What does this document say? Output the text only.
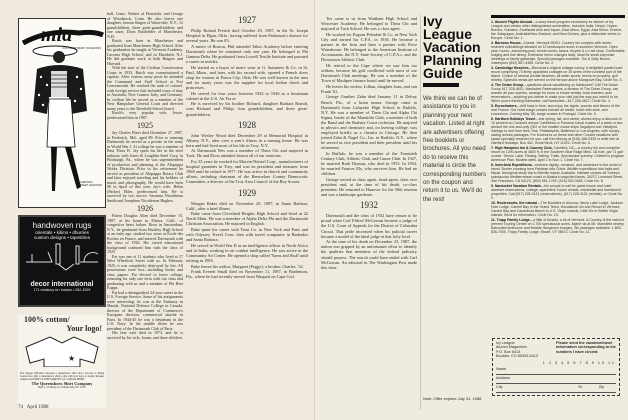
mia
CONTEMPORARY FASHIONS
7 LEBANON STREET HANOVER
handwoven rugs
orientals • kilims • dhurries
custom designs • tapestries
decor international
171 newbury st • boston • 262-1529
100% cotton/
Your logo!
★
The biggest difference between a Queensboro shirt and a Lacoste or Ralph Lauren polo shirt is Queensboro shirts come with your logo or design. Request samples and FREE CLOTH SAMPLES call 1-800-84-SHIRT.
The Queensboro Shirt Company
Dept L, 4 Liberty Ctr, Schenectady, NY 12311
74 April 1988

hall, Conn.; Robert of Honolulu; and George of Woodstock, Conn. He also leaves one daughter, Jenean Slagen of Watervliet, N.Y.; 12 grandchildren, three great-grandchildren; and one sister, Doris Batchelder of Manchester, N.H.

Butch was born in Manchester and graduated from Manchester High School. After his graduation he taught at Vermont Academy, Laconia High School, and in Elizabeth, N.J. He did graduate work at both Rutgers and Harvard.

With the start of the Civilian Conservation Corps in 1933, Butch was commissioned a captain. After various army posts he attended the Command and Staff School at Fort Leavenworth. He reached the rank of colonel, with foreign service that included tours of duty in Australia, New Guinea, Italy, and Germany. In civilian life he served as a member of the New Hampshire General Court and directed many years to the Deerfield School board.

Butch's very popular wife, Jessie, predeceased him in 1987.

1925

Jay Charles Ebert died December 27, 1987, in Frederick, Md., aged 89. Prior to entering Dartmouth he served as a private in the army in World War I. At college he was a member of Beta Theta Pi. Jay spent his life in the steel industry with Jones & Laughlin Steel Corp. in Pittsburgh, Pa., where he was superintendent of production and planning at the Aliquippa Works Division. Prior to his retirement he served as president of Aliquippa Rotary Club and later enjoyed traveling and his hobbies of music and photography. He would have been 90 in April of this year. Jay's wife, Helen (Parker) Ebler, predeceased him. He is survived by two nieces: Savanna Nicodemus Smith and Josephine Nicodemus Hughes.

1926

Patten Douglas Allen died December 15, 1987, at his home in Elmira, Calif., of congestive heart failure. Born in Amsterdam, N.Y., he graduated from Hackley High School at an early age, studied two years at École des Roches en France, and entered Dartmouth with the class of 1926. His varied educational background confused him with the class of 1925.

Pat was one of 11 students who lived at 17 West Wheelock Street with us. In February 1925, it was completely destroyed by fire. All possessions were lost—including books and class papers. Pat elected to leave college, returning for only one term with our class and graduating with us and a member of Phi Beta Kappa.

Pat had a distinguished 24-year career in the U.S. Foreign Service. Some of his assignments were interesting: he was at the Embassy in Manila, National Defense College in Canada, director of the Department of Commerce's European division, commercial attaché in Paris. In 1944-45 he was a lieutenant in the U.S. Navy. In the middle fifties he was president of the Dartmouth Club of Paris.

His first wife died in 1973, and he is survived by his wife, Joann, and three children.

1927

Philip Roland French died October 29, 1987, in the St. Joseph Hospital in Elgin, Okla., having suffered from Parkinson's disease for several years. He was 83.

A native of Boston, Phil attended Tabor Academy before entering Dartmouth where he remained only one year. He belonged to Phi Gamma Delta. He graduated from Lowell Textile Institute and pursued a career in textiles.

He started as a buyer of men's wear at G. Summers & Co. in St. Paul, Minn., and later, with his second wife, opened a French dress shop for women in Ponca City, Okla. He was well known in the area and for many years was the supplier for local Indian chiefs and princesses.

He served for four years between 1942 to 1946 as a lieutenant colonel in the U.S. Air Force.

He is survived by his brother Richard, daughter Barbara Brandt, sons Richard and Philip, four grandchildren, and three great-grandchildren.

1928

John Wesley Wood died December 29 at Memorial Hospital in Albany, N.Y., after over a year's illness in a nursing home. He was born and had lived most of his life in Troy, N.Y.

At Dartmouth Wes was a member of Theta Chi and majored in Tuck. He and Doris attended almost all of our reunions.

For 35 years he worked for Marvin-Neitzel Corp., manufacturers of hospital garments in Troy, and was its president and treasurer from 1968 until he retired in 1977. He was active in church and community affairs, including chairman of the Rensselaer County Democratic Committee, a director of the Troy Area Council of the Boy Scouts.

1929

Morgan Baker died on November 20, 1987, in Santa Barbara, Calif., after a brief illness.

Bake came from Cleveland Heights High School and lived at 22 North Main. He was a member of Alpha Delta Phi and the Dartmouth Christian Association. He majored in English.

Bake spent his career with Trust Co. in New York and Paris and with Odyssey Travel Cons. then with travel companies in Barbados and Santa Barbara.

He served in World War II as an intelligence officer in North Africa and in India, working in air combat intelligence. He was active in the Community Art Center. He opened a shop called 'Yarns and Stuff' until retiring in 1985.

Bake leaves his widow, Margaret (Peggy); a brother, Charles, '32.

Frank Everett Small died on November 11, 1987, in Bradenton, Fla., where he had recently moved from Waquoit on Cape Cod.

Tex came to us from Waltham High School and Worcester Academy. He belonged to Theta Chi and majored at Tuck School. He was a class agent.

He worked for Pogson Peloubet & Co. in New York City and earned his C.P.A. in 1936. He became a partner in the firm and later a partner with Price Waterhouse. He belonged to the American Institute of Accountants, the N.Y. State Society of C.P.A.s, and the Downtown Athletic Club.

He retired to the Cape where we saw him too seldom, because his golf conflicted with most of our Dartmouth Club meetings. He was a member of the Town of Mashpee finance board until he moved.

He leaves his widow, Lillian, daughter Joan, and son Frank '61.

George Gunther Zahn died January 11 in Delray Beach, Fla., of a brain tumor. George came to Dartmouth from Lafayette High School in Buffalo, N.Y. He was a member of Theta Chi and Alpha Chi Sigma, leader of the Mandolin Club, a member of both the Band and the Barbary Coast orchestra. He majored in physics and chemistry and, on leaving college, was employed briefly as a chemist in Chicago. He then joined Zahn & Nagel Co., Inc. in Buffalo, N.Y., where he served as vice president and then president until his retirement.

In Buffalo, he was a member of the Twentieth Century Club, Athletic Club, and Canoe Club. In 1927, he married Ruth Thomas, who died in 1953. In 1954, he married Frances Ely, who survives him. He had no children.

George served as class agent, head agent, class vice president and, at the time of his death, co-class president. He returned to Hanover for the 50th reunion and was a landscape gardener.

1932

Dartmouth and the class of 1932 have reason to be proud when Carl Eldred McGowan became a judge of the U.S. Court of Appeals for the District of Columbia Circuit. That pride increased when his judicial career became a model of the ideal judge at that lofty level.

At the time of his death on December 23, 1987, the nation was gripped by an unfortunate effort to identify the qualities that members of the federal judiciary should possess. The search could have ended with Carl McGowan. An editorial in The Washington Post made this clear.

Ivy
League
Vacation
Planning
Guide
We think we can be of assistance to you in planning your next vacation. Listed at right are advertisers offering free booklets or brochures. All you need do to receive this material is circle the corresponding numbers on the coupon and return it to us. We'll do the rest!
Note: Offer expires July 31, 1988

1. Alumni Flights Abroad—Luxury travel program exclusively for alumni of Ivy League and certain other distinguished universities. Includes India, Nepal, Ceylon, Borneo, Sumatra, Southeast Asia and Japan, East Africa, Egypt, Asia Minor, Greece, the Galapagos, Australia/New Zealand, and New Guinea, plus a distinctive series to Europe. Circle No. 1.

2. Barrows House—Dorset, Vermont 05251. Country inn complex with seven restored outbuildings situated on 12 landscaped acres in southern Vermont. Open year 'round—swimming pool, tennis courts, sauna, bicycle & x-c ski shop. Comfortable lodging and fine dining. Extensive menu changes daily. Ideal for small corporate meetings or family getaways. Special packages available. Tim & Sally Brown, innkeepers (802) 867-4455. Circle No. 2.

3. Cambridge Beaches—Bermuda's original cottage colony. A delightful pastel-hued resort comprising 73 finely appointed cottages on 25 acres of the loveliest part of the island. Choice of several private beaches, all water sports, tennis on property, golf nearby. Splendid meals are served on the terrace above Mangrove Bay. Circle No. 3.

4. The Dolan Group—questions about vacationing on Nantucket? Call The Dolan Group 617-228-4612, Nantucket Reservations, a division of The Dolan Group, can answer all your queries, arrange for room or house rentals, boat charters, auto reservations—anything you desire to make your visit just the way you want it to be. When you're thinking Nantucket, call Nantucket—617-228-4612. Circle No. 4.

5. Eurocharters—drift back in time, and enjoy the sights, sounds and flavors of the real France. Our hotel-barge cruises include all meals, lunch with wine, and excursions. Coming May '88, barge cruises in Portugal. Circle No. 5.

6. Hartford Holidays Travel—this spring, fall, and winter, alumni enjoy a discount of 10 percent on Cunard's deluxe Caribbean or Panama Canal cruises of a week or two aboard the one-and-only QE2 or the smaller cruise ships Sagafjord and Vistafjord. Sailings to and from New York, Philadelphia, Baltimore or Los Angeles, with money-saving air/sea packages. For brochures on these and other Cunard vacations with space specially reserved for you, call Ken Murray at (516) 466-0335 or write him at Hartford Holidays, Box 462, Great Neck, NY 11022. Circle No. 6.

7. High Hampton Inn & Country Club, Cashiers, NC—a country inn and complete resort on 1200 acres at 3600 ft. in the Southern Blue Ridge Mtns. 18-hole, par 71 golf course. Tennis. Lake. Fishing. Sailing. Trails. Spectacular scenery. Children's program. American Plan. Modest rates. April 1 to Nov. 1. Circle No. 7.

8. InnerAsia Expeditions—restores dignity, romance, and adventure to the world of travel. Border crossing from Pakistan into China. Wildlife expeditions into India and Nepal. Aboriginal study trip to Melville Island, Australia. Intimate cruises off Turkey's spectacular Mediterranean coast or Alaska's unspoiled lands. 2627C Lombard Street, San Francisco, CA 94123, (800) 551-1769, (415) 922-0448. Circle No. 8.

9. Nantucket Vacation Rentals—the people to call for guest house and hotel advance reservations, cottage, apartment, house rentals, residential and investment properties. Call (617) 228-3131 (reservations), (617) 228-3131 (rentals), or Circle No. 9.

10. Rockresorts, the natural—The Boulders in Arizona; Jenny Lake Lodge, Jackson Hole Lodge, Caneel Bay in the Grand Teton, Woodstock Inn and Resort in Vermont, Caneel Bay and Carambola Beach in U.S. Virgin Islands, Little Dix in British Virgin Islands. Send for information. Circle No. 10.

11. Trapp Family Lodge—a little of Austria, a lot of Vermont. A Country of the nation's premier Touring Center on 1,700 spectacular acres. Alpine ski at Mt. Mansfield nearby. Balconied bedrooms and fireside livingroom lounges. Ski packages available. 1-800-826-7000. Trapp Family Lodge, Stowe, VT 05672. Circle No. 11.

Ivy League
Alumni Magazines
P.O. Box 5413
Boulder, CO 80329-5413
Please send the vacation/travel information corresponding to the numbers I have circled:
1 2 3 4 5 6 7 8 9 10 11
Name
Address
City	St.	Zip
